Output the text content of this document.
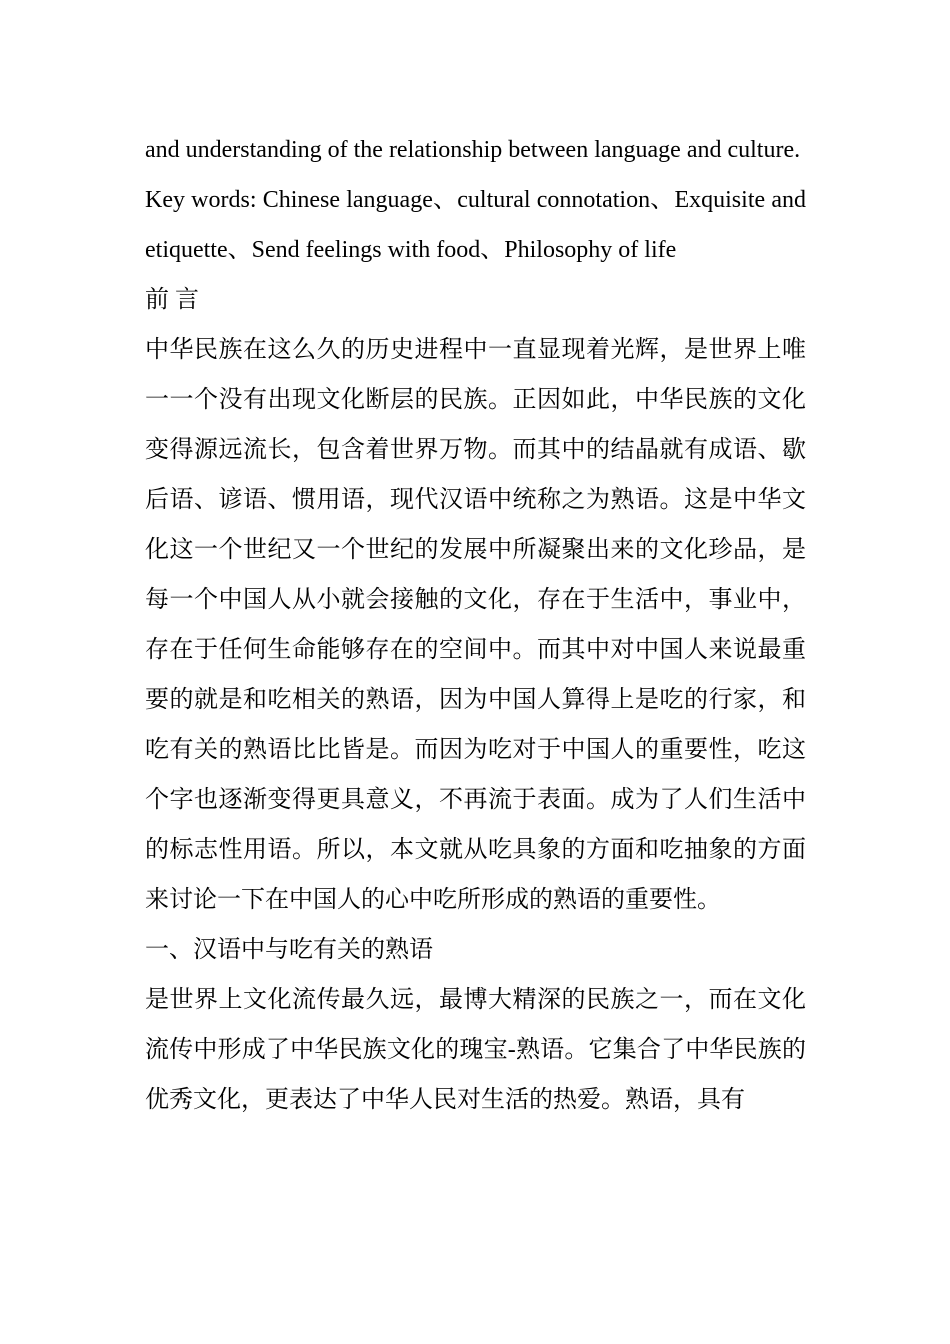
and understanding of the relationship between language and culture.

Key words: Chinese language、cultural connotation、Exquisite and etiquette、Send feelings with food、Philosophy of life

前 言

中华民族在这么久的历史进程中一直显现着光辉，是世界上唯一一个没有出现文化断层的民族。正因如此，中华民族的文化变得源远流长，包含着世界万物。而其中的结晶就有成语、歇后语、谚语、惯用语，现代汉语中统称之为熟语。这是中华文化这一个世纪又一个世纪的发展中所凝聚出来的文化珍品，是每一个中国人从小就会接触的文化，存在于生活中，事业中，存在于任何生命能够存在的空间中。而其中对中国人来说最重要的就是和吃相关的熟语，因为中国人算得上是吃的行家，和吃有关的熟语比比皆是。而因为吃对于中国人的重要性，吃这个字也逐渐变得更具意义，不再流于表面。成为了人们生活中的标志性用语。所以，本文就从吃具象的方面和吃抽象的方面来讨论一下在中国人的心中吃所形成的熟语的重要性。

一、汉语中与吃有关的熟语

是世界上文化流传最久远，最博大精深的民族之一，而在文化流传中形成了中华民族文化的瑰宝-熟语。它集合了中华民族的优秀文化，更表达了中华人民对生活的热爱。熟语，具有
